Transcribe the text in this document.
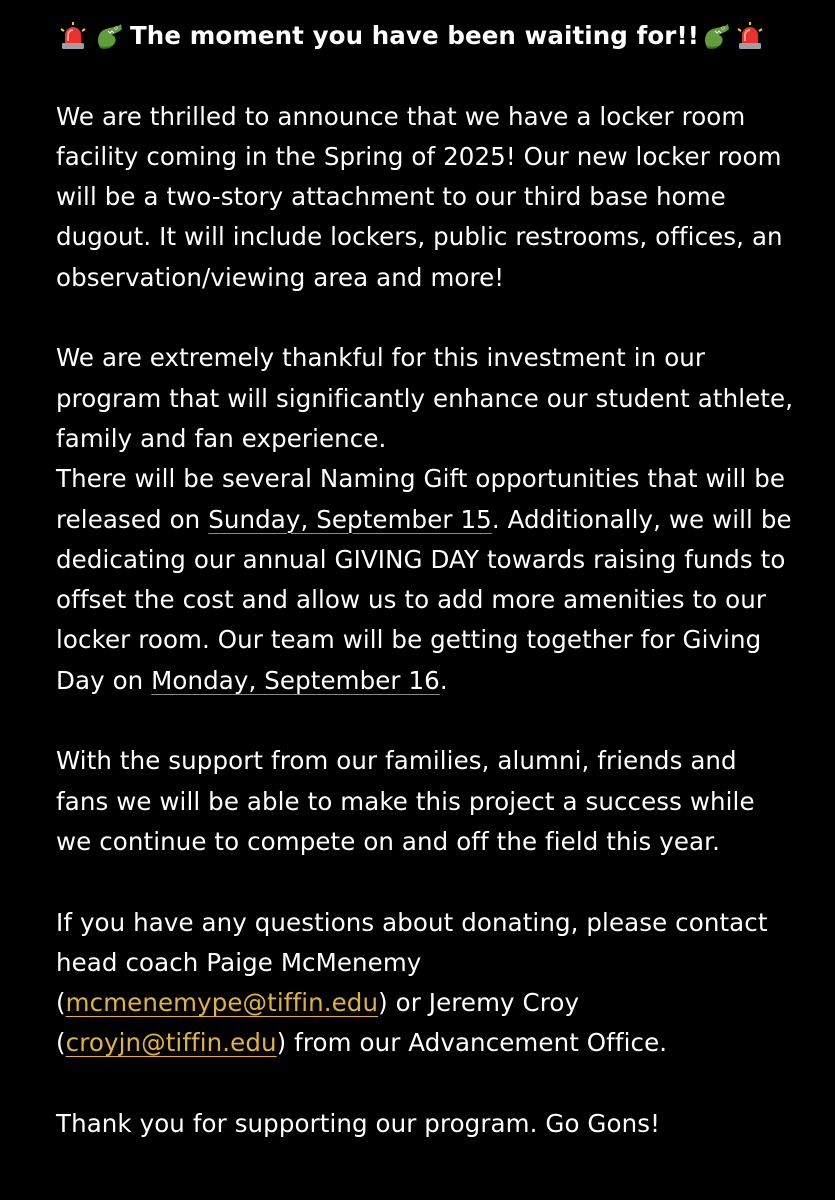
The moment you have been waiting for!!

We are thrilled to announce that we have a locker room facility coming in the Spring of 2025! Our new locker room will be a two-story attachment to our third base home dugout. It will include lockers, public restrooms, offices, an observation/viewing area and more!

We are extremely thankful for this investment in our program that will significantly enhance our student athlete, family and fan experience.

There will be several Naming Gift opportunities that will be released on Sunday, September 15. Additionally, we will be dedicating our annual GIVING DAY towards raising funds to offset the cost and allow us to add more amenities to our locker room. Our team will be getting together for Giving Day on Monday, September 16.

With the support from our families, alumni, friends and fans we will be able to make this project a success while we continue to compete on and off the field this year.

If you have any questions about donating, please contact head coach Paige McMenemy
(mcmenemype@tiffin.edu) or Jeremy Croy
(croyjn@tiffin.edu) from our Advancement Office.

Thank you for supporting our program. Go Gons!
